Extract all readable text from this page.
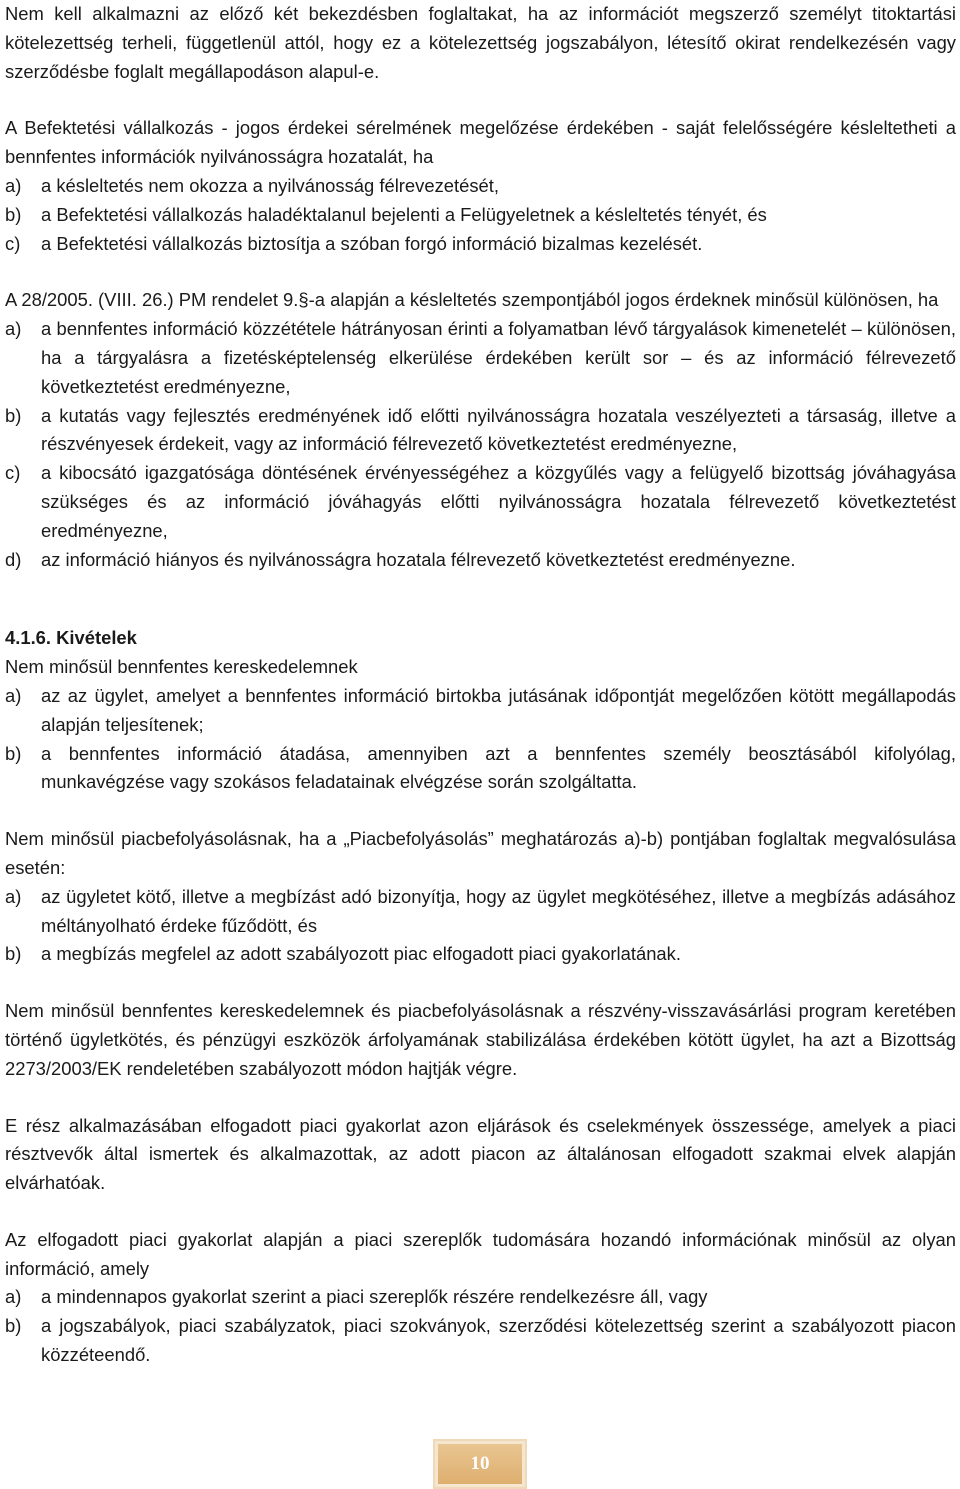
Nem kell alkalmazni az előző két bekezdésben foglaltakat, ha az információt megszerző személyt titoktartási kötelezettség terheli, függetlenül attól, hogy ez a kötelezettség jogszabályon, létesítő okirat rendelkezésén vagy szerződésbe foglalt megállapodáson alapul-e.

A Befektetési vállalkozás - jogos érdekei sérelmének megelőzése érdekében - saját felelősségére késleltetheti a bennfentes információk nyilvánosságra hozatalát, ha

a)	a késleltetés nem okozza a nyilvánosság félrevezetését,
b)	a Befektetési vállalkozás haladéktalanul bejelenti a Felügyeletnek a késleltetés tényét, és
c)	a Befektetési vállalkozás biztosítja a szóban forgó információ bizalmas kezelését.

A 28/2005. (VIII. 26.) PM rendelet 9.§-a alapján a késleltetés szempontjából jogos érdeknek minősül különösen, ha

a)	a bennfentes információ közzététele hátrányosan érinti a folyamatban lévő tárgyalások kimenetelét – különösen, ha a tárgyalásra a fizetésképtelenség elkerülése érdekében került sor – és az információ félrevezető következtetést eredményezne,
b)	a kutatás vagy fejlesztés eredményének idő előtti nyilvánosságra hozatala veszélyezteti a társaság, illetve a részvényesek érdekeit, vagy az információ félrevezető következtetést eredményezne,
c)	a kibocsátó igazgatósága döntésének érvényességéhez a közgyűlés vagy a felügyelő bizottság jóváhagyása szükséges és az információ jóváhagyás előtti nyilvánosságra hozatala félrevezető következtetést eredményezne,
d)	az információ hiányos és nyilvánosságra hozatala félrevezető következtetést eredményezne.

4.1.6. Kivételek

Nem minősül bennfentes kereskedelemnek

a)	az az ügylet, amelyet a bennfentes információ birtokba jutásának időpontját megelőzően kötött megállapodás alapján teljesítenek;
b)	a bennfentes információ átadása, amennyiben azt a bennfentes személy beosztásából kifolyólag, munkavégzése vagy szokásos feladatainak elvégzése során szolgáltatta.

Nem minősül piacbefolyásolásnak, ha a „Piacbefolyásolás” meghatározás a)-b) pontjában foglaltak megvalósulása esetén:

a)	az ügyletet kötő, illetve a megbízást adó bizonyítja, hogy az ügylet megkötéséhez, illetve a megbízás adásához méltányolható érdeke fűződött, és
b)	a megbízás megfelel az adott szabályozott piac elfogadott piaci gyakorlatának.

Nem minősül bennfentes kereskedelemnek és piacbefolyásolásnak a részvény-visszavásárlási program keretében történő ügyletkötés, és pénzügyi eszközök árfolyamának stabilizálása érdekében kötött ügylet, ha azt a Bizottság 2273/2003/EK rendeletében szabályozott módon hajtják végre.

E rész alkalmazásában elfogadott piaci gyakorlat azon eljárások és cselekmények összessége, amelyek a piaci résztvevők által ismertek és alkalmazottak, az adott piacon az általánosan elfogadott szakmai elvek alapján elvárhatóak.

Az elfogadott piaci gyakorlat alapján a piaci szereplők tudomására hozandó információnak minősül az olyan információ, amely

a)	a mindennapos gyakorlat szerint a piaci szereplők részére rendelkezésre áll, vagy
b)	a jogszabályok, piaci szabályzatok, piaci szokványok, szerződési kötelezettség szerint a szabályozott piacon közzéteendő.
10
